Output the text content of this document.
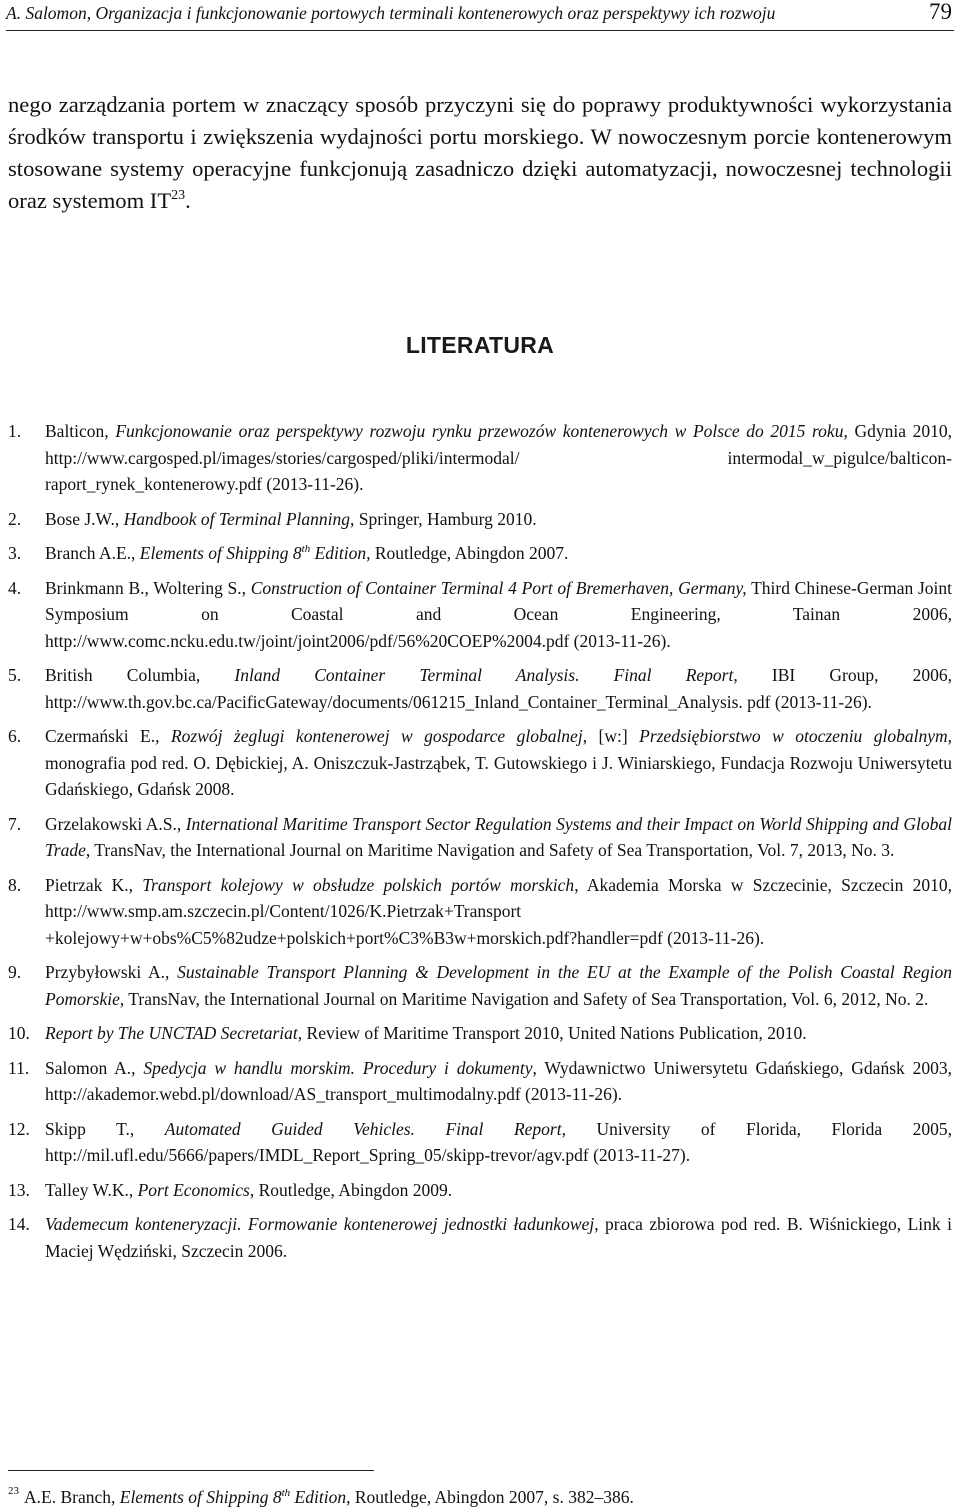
A. Salomon, Organizacja i funkcjonowanie portowych terminali kontenerowych oraz perspektywy ich rozwoju	79

nego zarządzania portem w znaczący sposób przyczyni się do poprawy produktywności wykorzystania środków transportu i zwiększenia wydajności portu morskiego. W nowoczesnym porcie kontenerowym stosowane systemy operacyjne funkcjonują zasadniczo dzięki automatyzacji, nowoczesnej technologii oraz systemom IT$^{23}$.

LITERATURA
1. Balticon, Funkcjonowanie oraz perspektywy rozwoju rynku przewozów kontenerowych w Polsce do 2015 roku, Gdynia 2010, http://www.cargosped.pl/images/stories/cargosped/pliki/intermodal/ intermodal_w_pigulce/balticon-raport_rynek_kontenerowy.pdf (2013-11-26).
2. Bose J.W., Handbook of Terminal Planning, Springer, Hamburg 2010.
3. Branch A.E., Elements of Shipping 8th Edition, Routledge, Abingdon 2007.
4. Brinkmann B., Woltering S., Construction of Container Terminal 4 Port of Bremerhaven, Germany, Third Chinese-German Joint Symposium on Coastal and Ocean Engineering, Tainan 2006, http://www.comc.ncku.edu.tw/joint/joint2006/pdf/56%20COEP%2004.pdf (2013-11-26).
5. British Columbia, Inland Container Terminal Analysis. Final Report, IBI Group, 2006, http://www.th.gov.bc.ca/PacificGateway/documents/061215_Inland_Container_Terminal_Analysis. pdf (2013-11-26).
6. Czermański E., Rozwój żeglugi kontenerowej w gospodarce globalnej, [w:] Przedsiębiorstwo w otoczeniu globalnym, monografia pod red. O. Dębickiej, A. Oniszczuk-Jastrząbek, T. Gutowskiego i J. Winiarskiego, Fundacja Rozwoju Uniwersytetu Gdańskiego, Gdańsk 2008.
7. Grzelakowski A.S., International Maritime Transport Sector Regulation Systems and their Impact on World Shipping and Global Trade, TransNav, the International Journal on Maritime Navigation and Safety of Sea Transportation, Vol. 7, 2013, No. 3.
8. Pietrzak K., Transport kolejowy w obsłudze polskich portów morskich, Akademia Morska w Szczecinie, Szczecin 2010, http://www.smp.am.szczecin.pl/Content/1026/K.Pietrzak+Transport +kolejowy+w+obs%C5%82udze+polskich+port%C3%B3w+morskich.pdf?handler=pdf (2013-11-26).
9. Przybyłowski A., Sustainable Transport Planning & Development in the EU at the Example of the Polish Coastal Region Pomorskie, TransNav, the International Journal on Maritime Navigation and Safety of Sea Transportation, Vol. 6, 2012, No. 2.
10. Report by The UNCTAD Secretariat, Review of Maritime Transport 2010, United Nations Publication, 2010.
11. Salomon A., Spedycja w handlu morskim. Procedury i dokumenty, Wydawnictwo Uniwersytetu Gdańskiego, Gdańsk 2003, http://akademor.webd.pl/download/AS_transport_multimodalny.pdf (2013-11-26).
12. Skipp T., Automated Guided Vehicles. Final Report, University of Florida, Florida 2005, http://mil.ufl.edu/5666/papers/IMDL_Report_Spring_05/skipp-trevor/agv.pdf (2013-11-27).
13. Talley W.K., Port Economics, Routledge, Abingdon 2009.
14. Vademecum konteneryzacji. Formowanie kontenerowej jednostki ładunkowej, praca zbiorowa pod red. B. Wiśnickiego, Link i Maciej Wędziński, Szczecin 2006.
$^{23}$ A.E. Branch, Elements of Shipping 8th Edition, Routledge, Abingdon 2007, s. 382–386.
